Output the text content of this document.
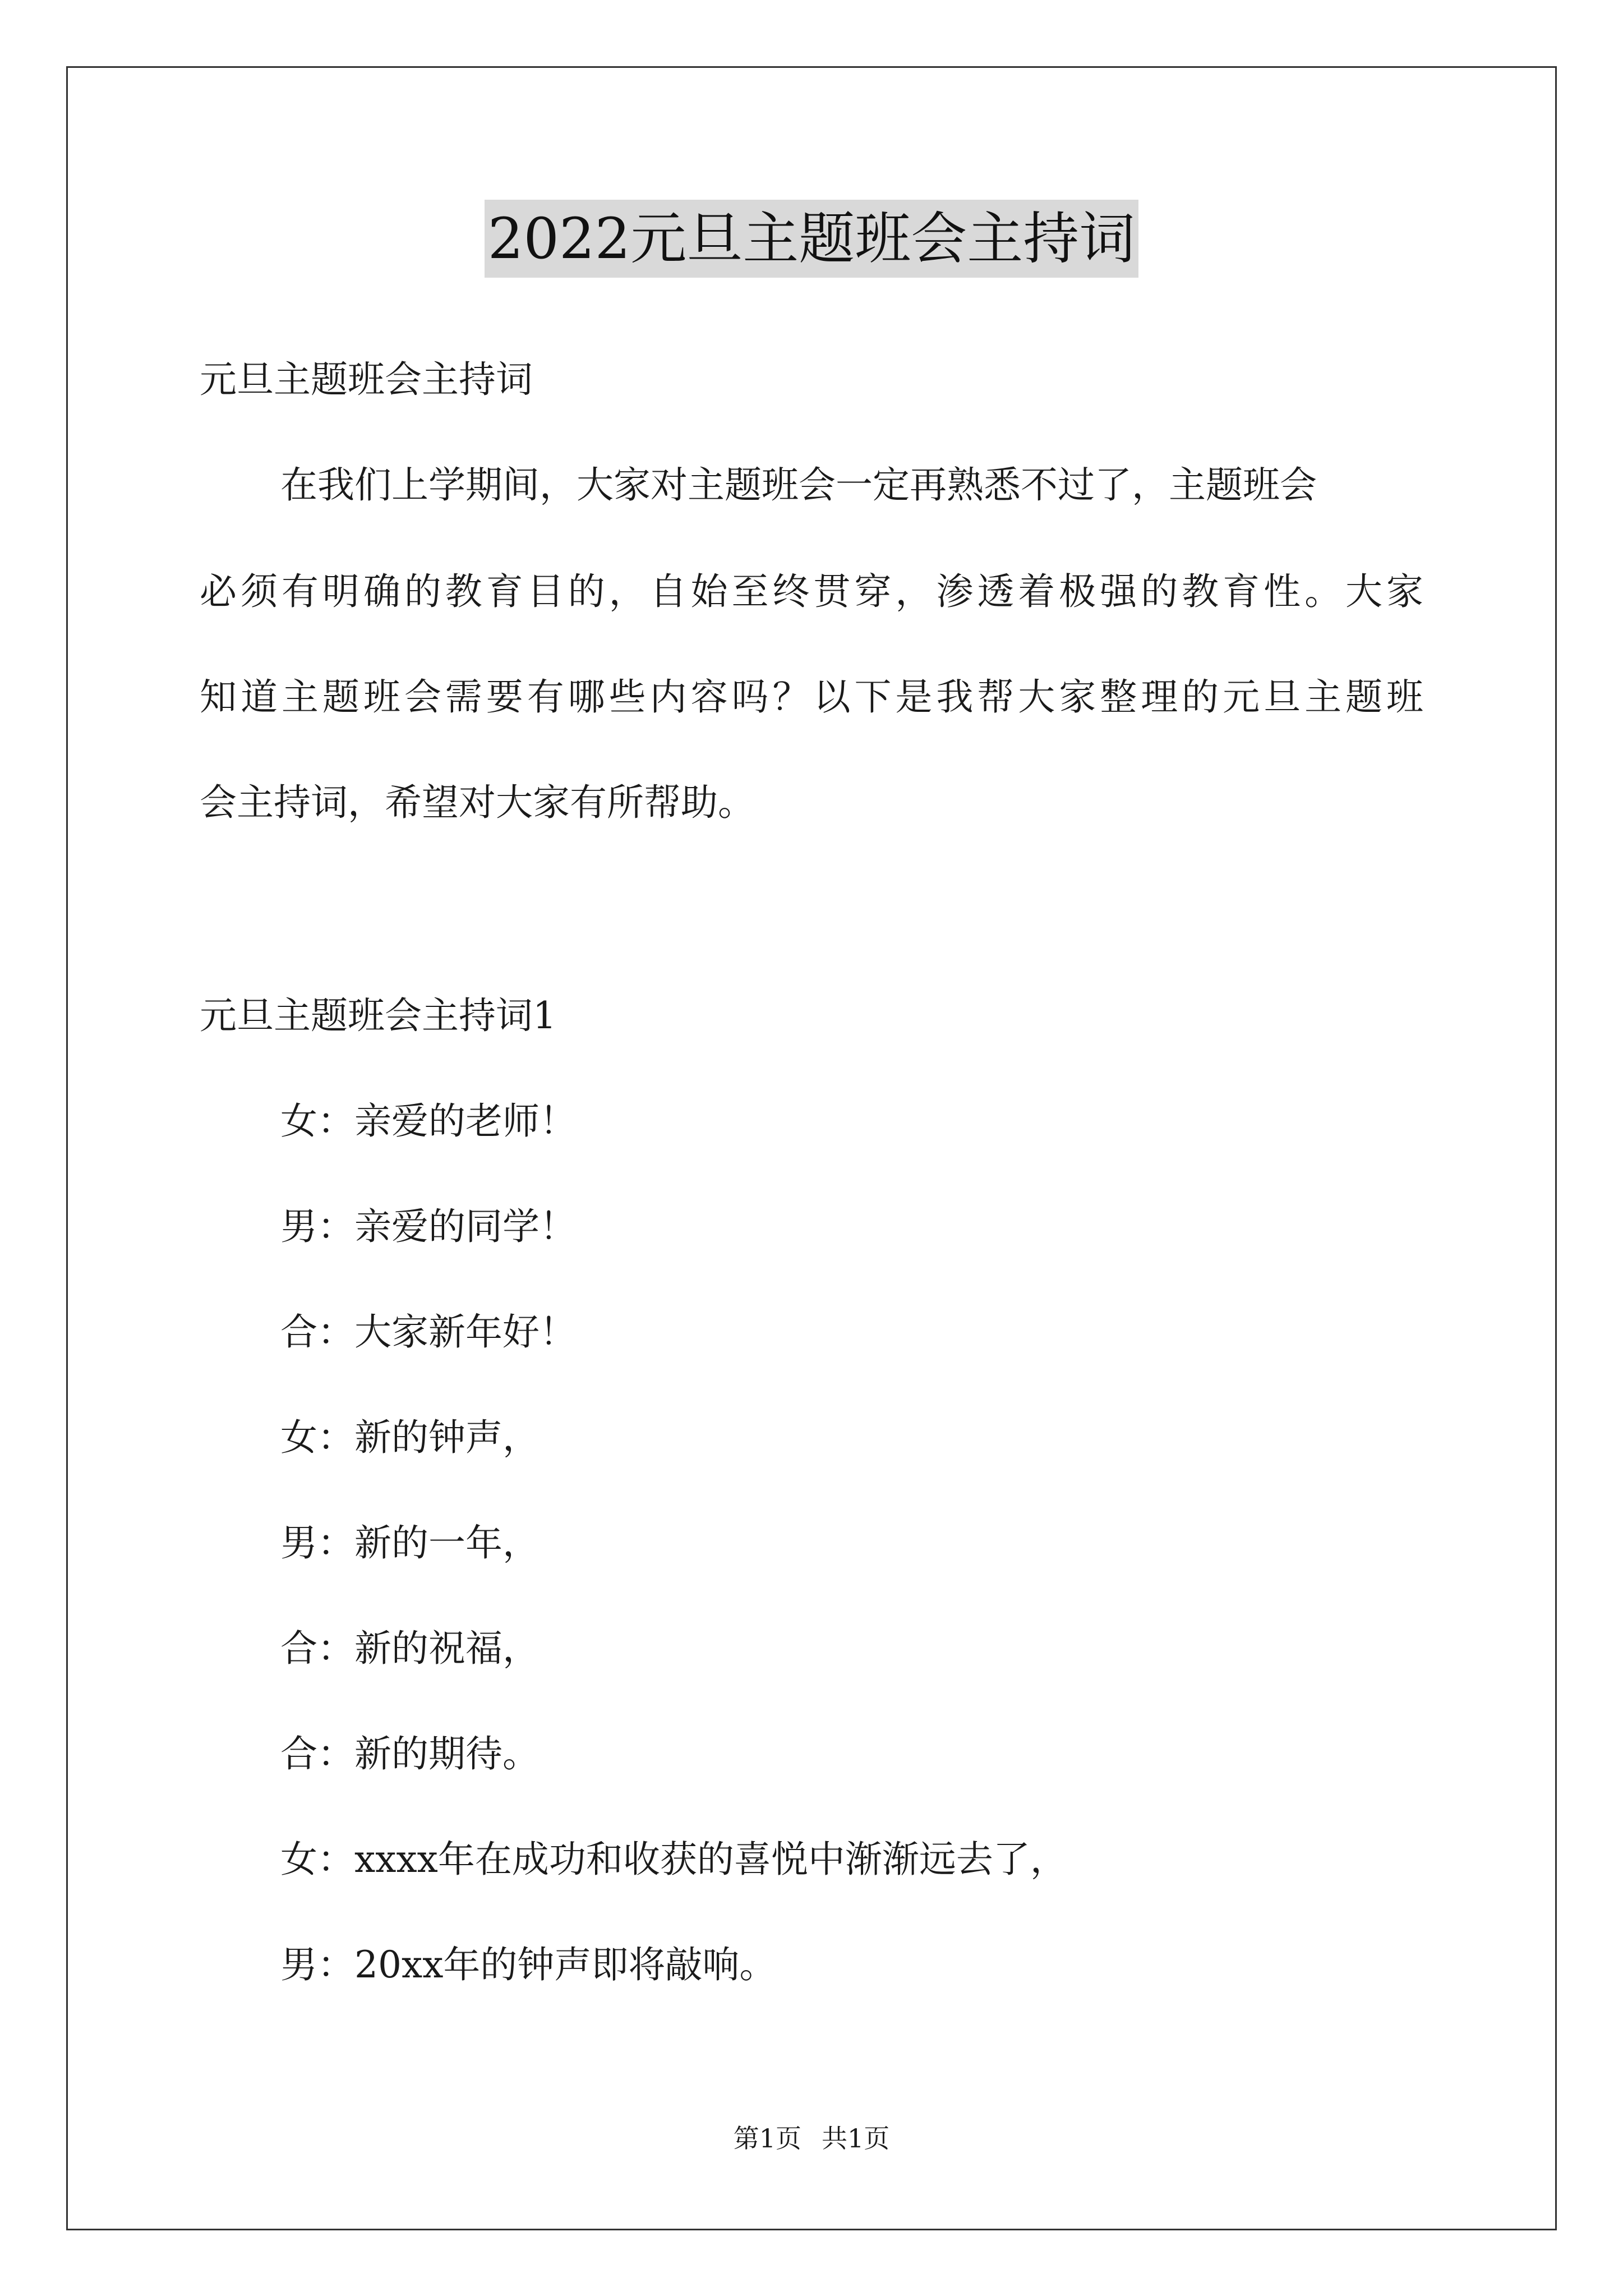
2022元旦主题班会主持词
元旦主题班会主持词
在我们上学期间，大家对主题班会一定再熟悉不过了，主题班会
必须有明确的教育目的，自始至终贯穿，渗透着极强的教育性。大家
知道主题班会需要有哪些内容吗？以下是我帮大家整理的元旦主题班
会主持词，希望对大家有所帮助。
元旦主题班会主持词1
女：亲爱的老师！
男：亲爱的同学！
合：大家新年好！
女：新的钟声，
男：新的一年，
合：新的祝福，
合：新的期待。
女：xxxx年在成功和收获的喜悦中渐渐远去了，
男：20xx年的钟声即将敲响。
第1页 共1页
